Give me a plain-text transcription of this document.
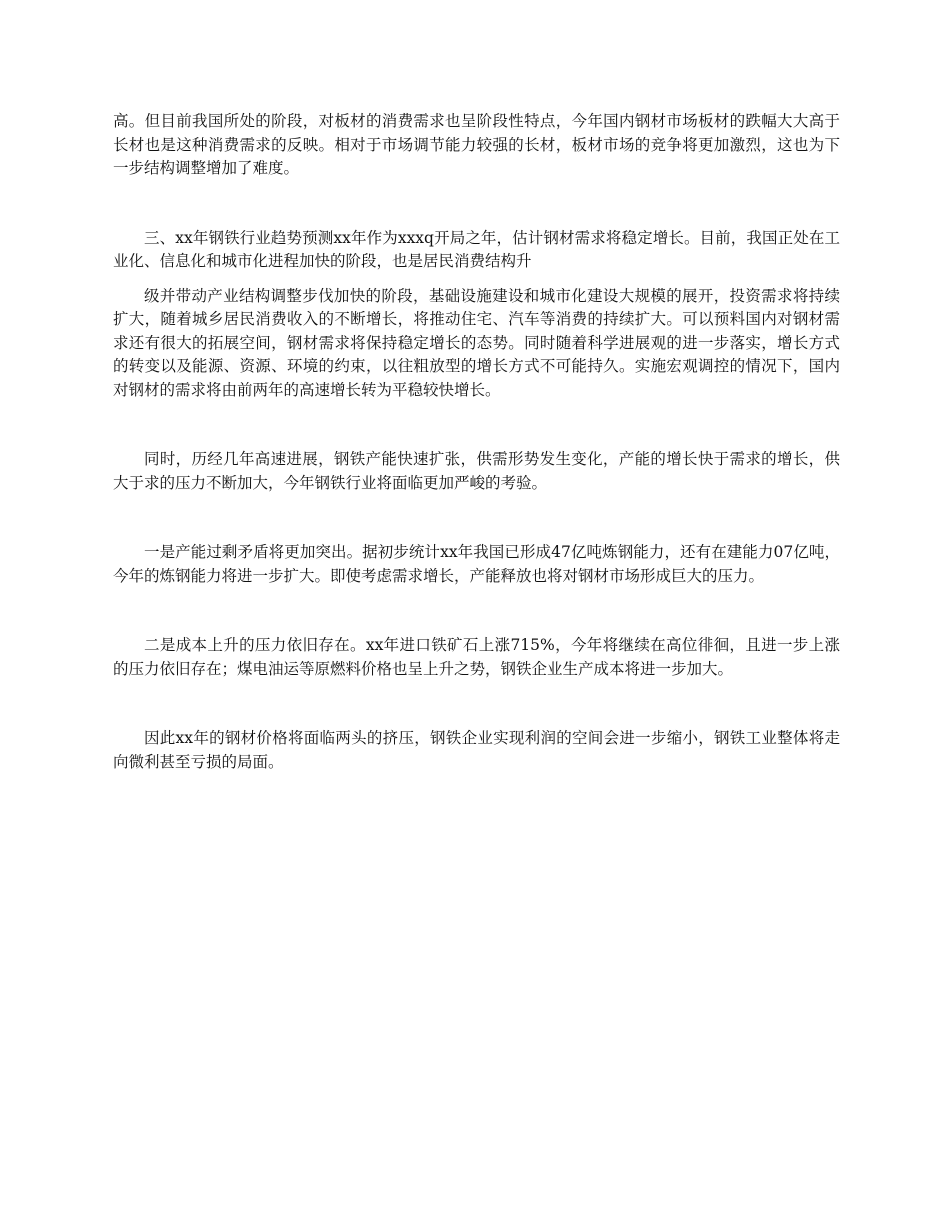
高。但目前我国所处的阶段，对板材的消费需求也呈阶段性特点，今年国内钢材市场板材的跌幅大大高于长材也是这种消费需求的反映。相对于市场调节能力较强的长材，板材市场的竞争将更加激烈，这也为下一步结构调整增加了难度。

三、xx年钢铁行业趋势预测xx年作为xxxq开局之年，估计钢材需求将稳定增长。目前，我国正处在工业化、信息化和城市化进程加快的阶段，也是居民消费结构升

级并带动产业结构调整步伐加快的阶段，基础设施建设和城市化建设大规模的展开，投资需求将持续扩大，随着城乡居民消费收入的不断增长，将推动住宅、汽车等消费的持续扩大。可以预料国内对钢材需求还有很大的拓展空间，钢材需求将保持稳定增长的态势。同时随着科学进展观的进一步落实，增长方式的转变以及能源、资源、环境的约束，以往粗放型的增长方式不可能持久。实施宏观调控的情况下，国内对钢材的需求将由前两年的高速增长转为平稳较快增长。

同时，历经几年高速进展，钢铁产能快速扩张，供需形势发生变化，产能的增长快于需求的增长，供大于求的压力不断加大，今年钢铁行业将面临更加严峻的考验。

一是产能过剩矛盾将更加突出。据初步统计xx年我国已形成47亿吨炼钢能力，还有在建能力07亿吨，今年的炼钢能力将进一步扩大。即使考虑需求增长，产能释放也将对钢材市场形成巨大的压力。

二是成本上升的压力依旧存在。xx年进口铁矿石上涨715%，今年将继续在高位徘徊，且进一步上涨的压力依旧存在；煤电油运等原燃料价格也呈上升之势，钢铁企业生产成本将进一步加大。

因此xx年的钢材价格将面临两头的挤压，钢铁企业实现利润的空间会进一步缩小，钢铁工业整体将走向微利甚至亏损的局面。
